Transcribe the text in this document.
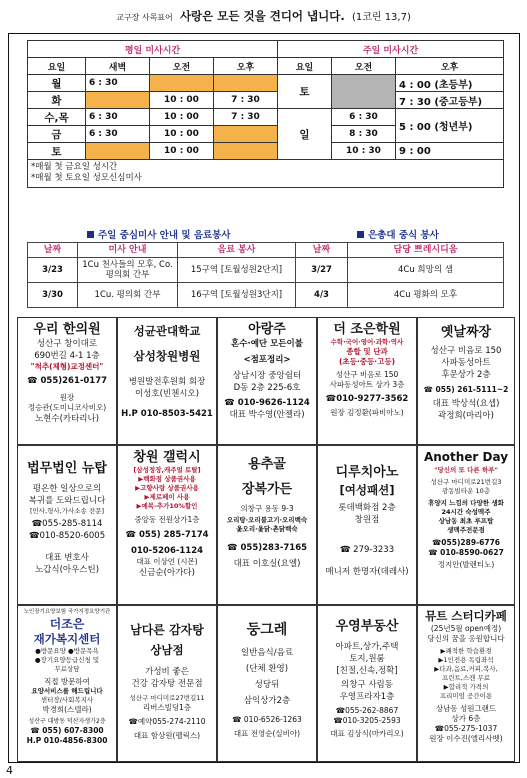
교구장 사목표어 사랑은 모든 것을 견디어 냅니다. (1코린 13,7)
평일 미사시간				주일 미사시간		
요일	새벽	오전	오후	요일	오전	오후
월	6 : 30			토		4 : 00 (초등부)
화		10 : 00	7 : 30			7 : 30 (중고등부)
수,목	6 : 30	10 : 00	7 : 30	일	6 : 30	5 : 00 (청년부)
금	6 : 30	10 : 00			8 : 30	
토		10 : 00			10 : 30	9 : 00

*매월 첫 금요일 성시간
*매월 첫 토요일 성모신심미사						
주일 중심미사 안내 및 음료봉사	은총대 중식 봉사
날짜	미사 안내	음료 봉사	날짜	담당 쁘레시디움
3/23	1Cu 천사들의 모후, Co. 평의회 간부	15구역 [토월성원2단지]	3/27	4Cu 희망의 샘
3/30	1Cu. 평의회 간부	16구역 [토월성원3단지]	4/3	4Cu 평화의 모후
우리 한의원
성산구 창이대로
690번길 4-1 1층
"척추(체형)교정센터"
☎ 055)261-0177
원장
정승관(도미니코사비오)
노현수(카타리나)
성균관대학교
삼성창원병원
병원발전후원회 회장
이성호(빈첸시오)
H.P 010-8503-5421
아랑주
혼수·예단 모든이불
<점포정리>
상남시장 중앙쉼터
D동 2층 225-6호
☎ 010-9626-1124
대표 박수영(안젤라)
더 조은학원
수학·국어·영어·과학·역사
종합 및 단과
(초등·중등·고등)
성산구 비음로 150
사파동성아트 상가 3층
☎010-9277-3562
원장 김정환(파비아노)
옛날짜장
성산구 비음로 150
사파동성아트
후문상가 2층
☎ 055) 261-5111~2
대표 박상석(요셉)
곽정희(마리아)
법무법인 뉴탑
평온한 일상으로의
복귀를 도와드립니다
[민사,형사,가사소송 전문]
☎055-285-8114
☎010-8520-6005
대표 변호사
노갑식(아우스틴)
창원 갤럭시
[삼성정장,캐주얼 토탈]
▶백화점 상품권사용
▶고향사랑 상품권사용
▶제로페이 사용
▶예복-추가10%할인
중앙동 전원상가1층
☎ 055) 285-7174
010-5206-1124
대표 이상언 (시몬)
신금순(아가다)
용추골
장복가든
의창구 용동 9-3
오리탕·오리불고기·오리백숙
옻오리·옻닭·촌닭백숙
☎ 055)283-7165
대표 이호실(요엘)
디루치아노
[여성패션]
롯데백화점 2층
창원점
☎ 279-3233
매니저 한명자(데레사)
Another Day
"당신의 또 다른 하루"
성산구 마디미로21번길3
광동빌타운 10층
휴양지 느낌의 다양한 생화
24시간 숙성맥주
상남동 최초 루프탑
생맥주전문점
☎055)289-6776
☎ 010-8590-0627
정지안(발렌티노)
노인장기요양보험 국가지정요양기관
더조은
재가복지센터
●방문요양 ●방문목욕
●장기요양등급신청 및
무료상담
직접 방문하여
요양서비스를 해드립니다
센터장/사회복지사
박경희(스텔라)
성산구 대방동 덕산자생가2층
☎ 055) 607-8300
H.P 010-4856-8300
남다른 감자탕
상남점
가성비 좋은
건강 감자탕 전문점
성산구 마디미로27번길11
리버스빌딩1층
☎예약055-274-2110
대표 함상원(펠릭스)
둥그레
일반음식/음료
(단체 환영)
성당뒤
삼익상가2층
☎ 010-6526-1263
대표 전영순(실비아)
우영부동산
아파트,상가,주택
토지,원룸
[친절,신속,정확]
의창구 사림동
우영프라자1층
☎055-262-8867
☎010-3205-2593
대표 김상식(마카리오)
뮤트 스터디카페
(25년5월 open예정)
당신의 꿈을 응원합니다
▶쾌적한 학습환경
▶1인전용 독립좌석
▶다과,음료,커피,복사,
프린트,스캔 무료
▶합리적 가격의
프리미엄 공간이용
상남동 성원그랜드
상가 6층
☎055-275-1037
원장 이수진(엘리사벳)
4
